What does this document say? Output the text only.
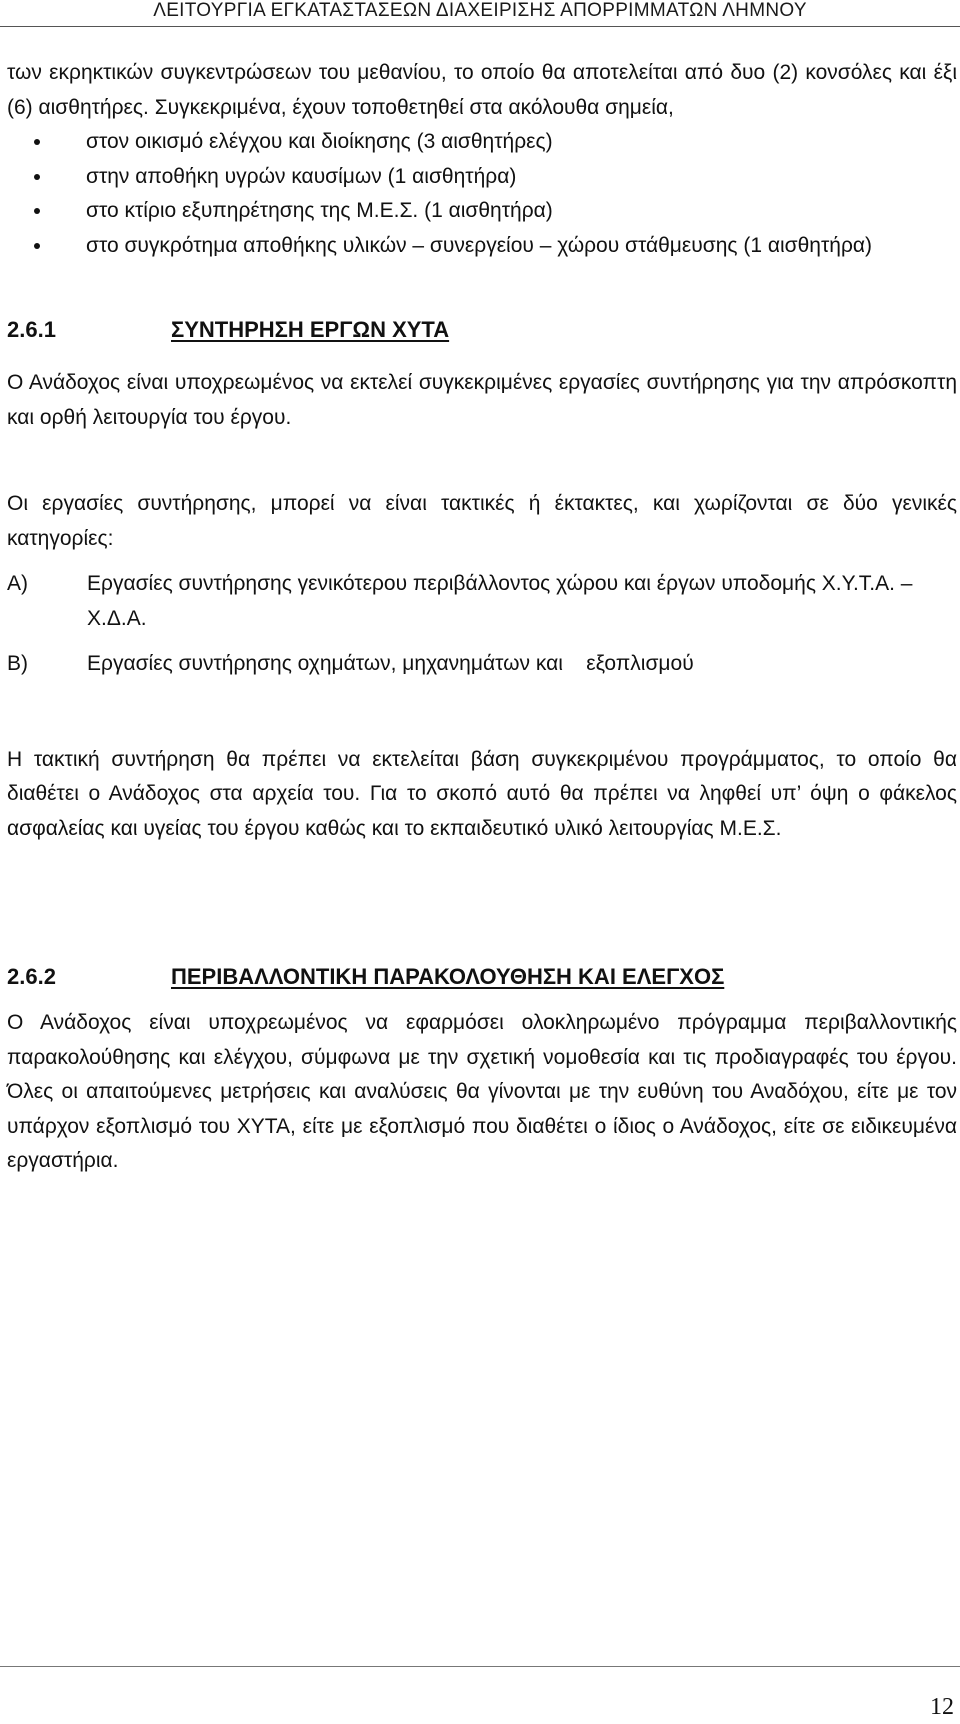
ΛΕΙΤΟΥΡΓΙΑ ΕΓΚΑΤΑΣΤΑΣΕΩΝ ΔΙΑΧΕΙΡΙΣΗΣ ΑΠΟΡΡΙΜΜΑΤΩΝ ΛΗΜΝΟΥ

των εκρηκτικών συγκεντρώσεων του μεθανίου, το οποίο θα αποτελείται από δυο (2) κονσόλες και έξι (6) αισθητήρες. Συγκεκριμένα, έχουν τοποθετηθεί στα ακόλουθα σημεία,

στον οικισμό ελέγχου και διοίκησης (3 αισθητήρες)
στην αποθήκη υγρών καυσίμων (1 αισθητήρα)
στο κτίριο εξυπηρέτησης της Μ.Ε.Σ. (1 αισθητήρα)
στο συγκρότημα αποθήκης υλικών – συνεργείου – χώρου στάθμευσης (1 αισθητήρα)
2.6.1	ΣΥΝΤΗΡΗΣΗ ΕΡΓΩΝ ΧΥΤΑ

Ο Ανάδοχος είναι υποχρεωμένος να εκτελεί συγκεκριμένες εργασίες συντήρησης για την απρόσκοπτη και ορθή λειτουργία του έργου.

Οι εργασίες συντήρησης, μπορεί να είναι τακτικές ή έκτακτες, και χωρίζονται σε δύο γενικές κατηγορίες:

Α)	Εργασίες συντήρησης γενικότερου περιβάλλοντος χώρου και έργων υποδομής Χ.Υ.Τ.Α. – Χ.Δ.Α.
Β)	Εργασίες συντήρησης οχημάτων, μηχανημάτων και    εξοπλισμού

Η τακτική συντήρηση θα πρέπει να εκτελείται βάση συγκεκριμένου προγράμματος, το οποίο θα διαθέτει ο Ανάδοχος στα αρχεία του. Για το σκοπό αυτό θα πρέπει να ληφθεί υπ’ όψη ο φάκελος ασφαλείας και υγείας του έργου καθώς και το εκπαιδευτικό υλικό λειτουργίας Μ.Ε.Σ.

2.6.2	ΠΕΡΙΒΑΛΛΟΝΤΙΚΗ ΠΑΡΑΚΟΛΟΥΘΗΣΗ ΚΑΙ ΕΛΕΓΧΟΣ

Ο Ανάδοχος είναι υποχρεωμένος να εφαρμόσει ολοκληρωμένο πρόγραμμα περιβαλλοντικής παρακολούθησης και ελέγχου, σύμφωνα με την σχετική νομοθεσία και τις προδιαγραφές του έργου. Όλες οι απαιτούμενες μετρήσεις και αναλύσεις θα γίνονται με την ευθύνη του Αναδόχου, είτε με τον υπάρχον εξοπλισμό του ΧΥΤΑ, είτε με εξοπλισμό που διαθέτει ο ίδιος ο Ανάδοχος, είτε σε ειδικευμένα εργαστήρια.

12
